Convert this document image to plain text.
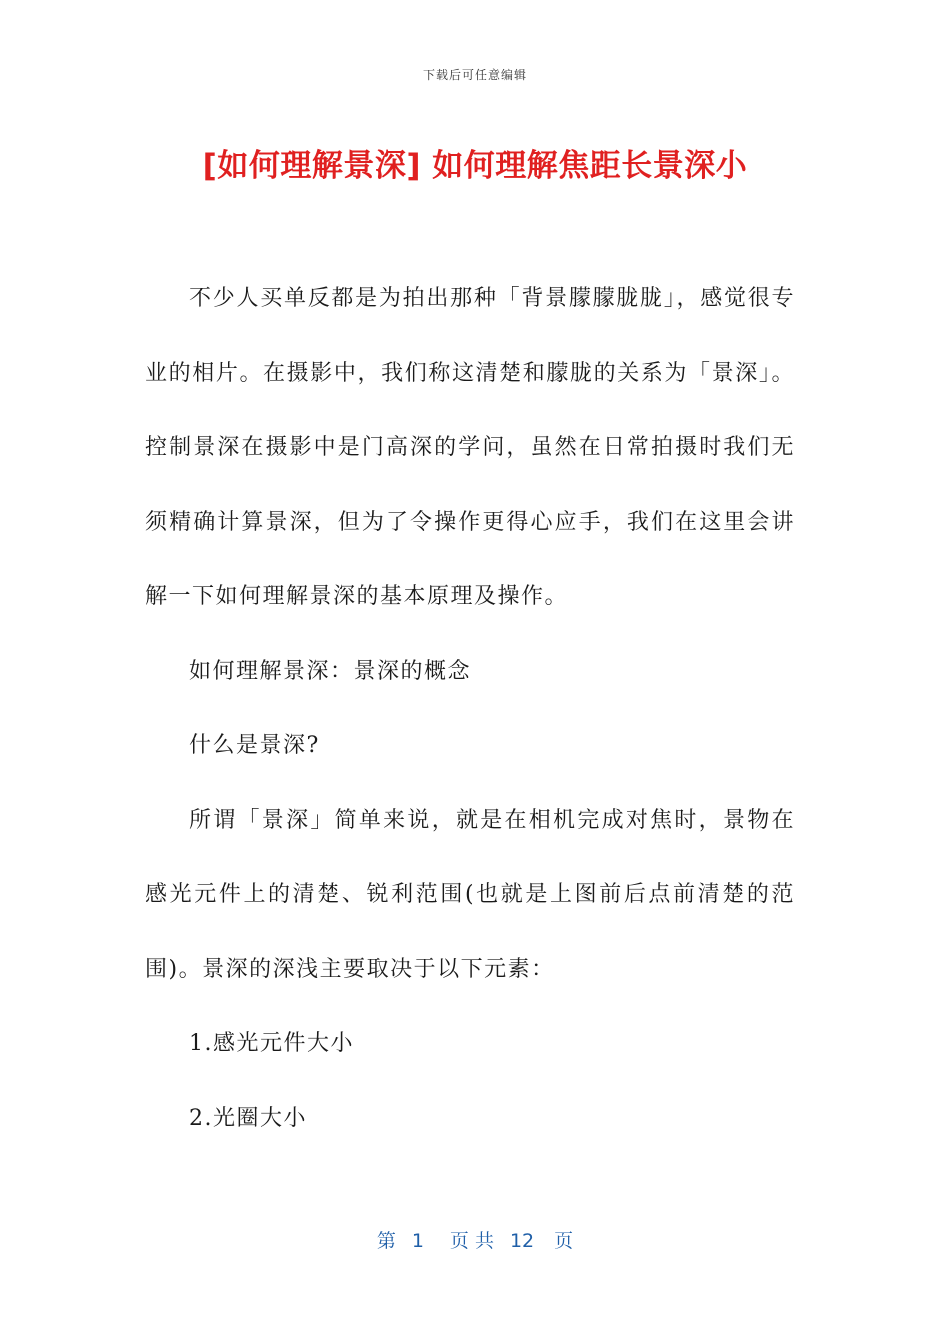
下载后可任意编辑
[如何理解景深] 如何理解焦距长景深小

不少人买单反都是为拍出那种「背景朦朦胧胧」，感觉很专业的相片。在摄影中，我们称这清楚和朦胧的关系为「景深」。控制景深在摄影中是门高深的学问，虽然在日常拍摄时我们无须精确计算景深，但为了令操作更得心应手，我们在这里会讲解一下如何理解景深的基本原理及操作。

如何理解景深：景深的概念

什么是景深?

所谓「景深」简单来说，就是在相机完成对焦时，景物在感光元件上的清楚、锐利范围(也就是上图前后点前清楚的范围)。景深的深浅主要取决于以下元素：

1.感光元件大小

2.光圈大小

第 1 页 共 12 页
